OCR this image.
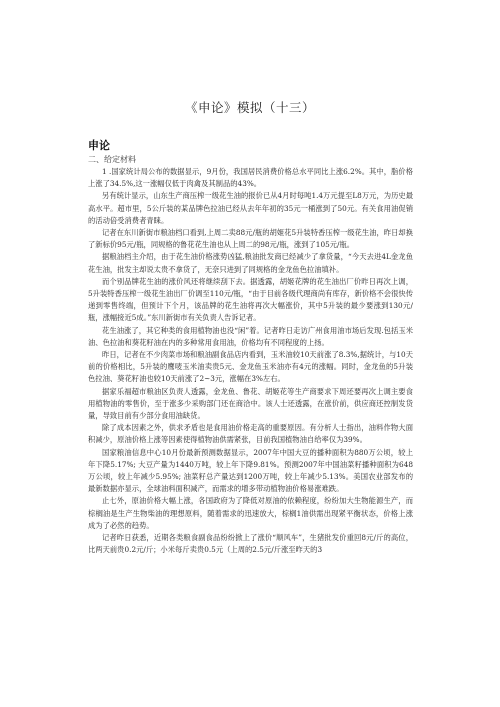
《申论》模拟（十三）
申论
二、给定材料

1 .国家统计局公布的数据显示，9月份，我国居民消费价格总水平同比上涨6.2%。其中，脂价格上涨了34.5%,这一涨幅仅低于肉禽及其制品的43%。

另有统计显示，山东生产商压榨一级花生油的报价已从4月时每吨1.4万元提至L8万元，为历史最高水平。超市里，5公斤装的某品牌色拉油已经从去年年初的35元一桶涨到了50元。有关食用油促销的活动倍受消费者青睐。

记者在东川新街市粮油档口看到,上周二卖88元/瓶的胡姬花5升装特香压榨一级花生油，昨日却换了新标价95元/瓶，同规格的鲁花花生油也从上周二的98元/瓶，涨到了105元/瓶。

据粮油档主介绍，由于花生油价格涨势凶猛,粮油批发商已经减少了拿货量，“今天去进4L金龙鱼花生油，批发主却说太贵不拿货了，无奈只进到了同规格的金龙鱼色拉油填补。

而个别品牌花生油的涨价风还将继续刮下去。据透露，胡姬花牌的花生油出厂价昨日再次上调，5升装特香压榨一级花生油出厂价调至110元/瓶，“由于目前各级代理商尚有库存，新价格不会很快传递到零售终端，但预计下个月，该品牌的花生油将再次大幅涨价，其中5升装的最少要涨到130元/瓶，涨幅接近5成。”东川新街市有关负责人告诉记者。

花生油涨了，其它种类的食用植物油也没“闲”着。记者昨日走访广州食用油市场后发现.包括玉米油、色拉油和葵花籽油在内的多种常用食用油，价格均有不同程度的上扬。

昨日，记者在不少肉菜市场和粮油副食品店内看到，玉米油较10天前涨了8.3%,据统计，与10天前的价格相比，5升装的鹰唛玉米油卖贵5元、金龙鱼玉米油亦有4元的涨幅。同时，金龙鱼的5升装色拉油、葵花籽油也较10天前涨了2~3元，涨幅在3%左右。

据家乐福超市粮油区负责人透露，金龙鱼、鲁花、胡姬花等生产商要求下周还要再次上调主要食用植物油的零售价，至于涨多少采购部门还在商洽中。该人士还透露，在涨价前，供应商还控制发货量，导致目前有少部分食用油缺货。

除了成本因素之外，供求矛盾也是食用油价格走高的重要原因。有分析人士指出，油料作物大面积减少，原油价格上涨等因素使得植物油供需紧张，目前我国植物油自给率仅为39%。

国家粮油信息中心10月份最新预测数据显示，2007年中国大豆的播种面积为880万公顷，较上年下降5.17%; 大豆产量为1440万吨，较上年下降9.81%。预测2007年中国油菜籽播种面积为648万公顷，较上年减少5.95%; 油菜籽总产量达到1200万吨，较上年减少5.13%。美国农业部发布的最新数据亦显示，全球油料面积减产，而需求的增多带动植物油价格易涨难跌。

止七外，原油价格大幅上涨，各国政府为了降低对原油的依赖程度，纷纷加大生物能源生产，而棕榈油是生产生物柴油的理想原料，随着需求的迅速放大，棕榈1油供需出现紧平衡状态，价格上涨成为了必然的趋势。

记者昨日获悉，近期各类粮食副食品纷纷掀上了涨价“顺风车”，生猪批发价重回8元/斤的高位，比两天前贵0.2元/斤；小米每斤卖贵0.5元（上周的2.5元/斤涨至昨天的3
